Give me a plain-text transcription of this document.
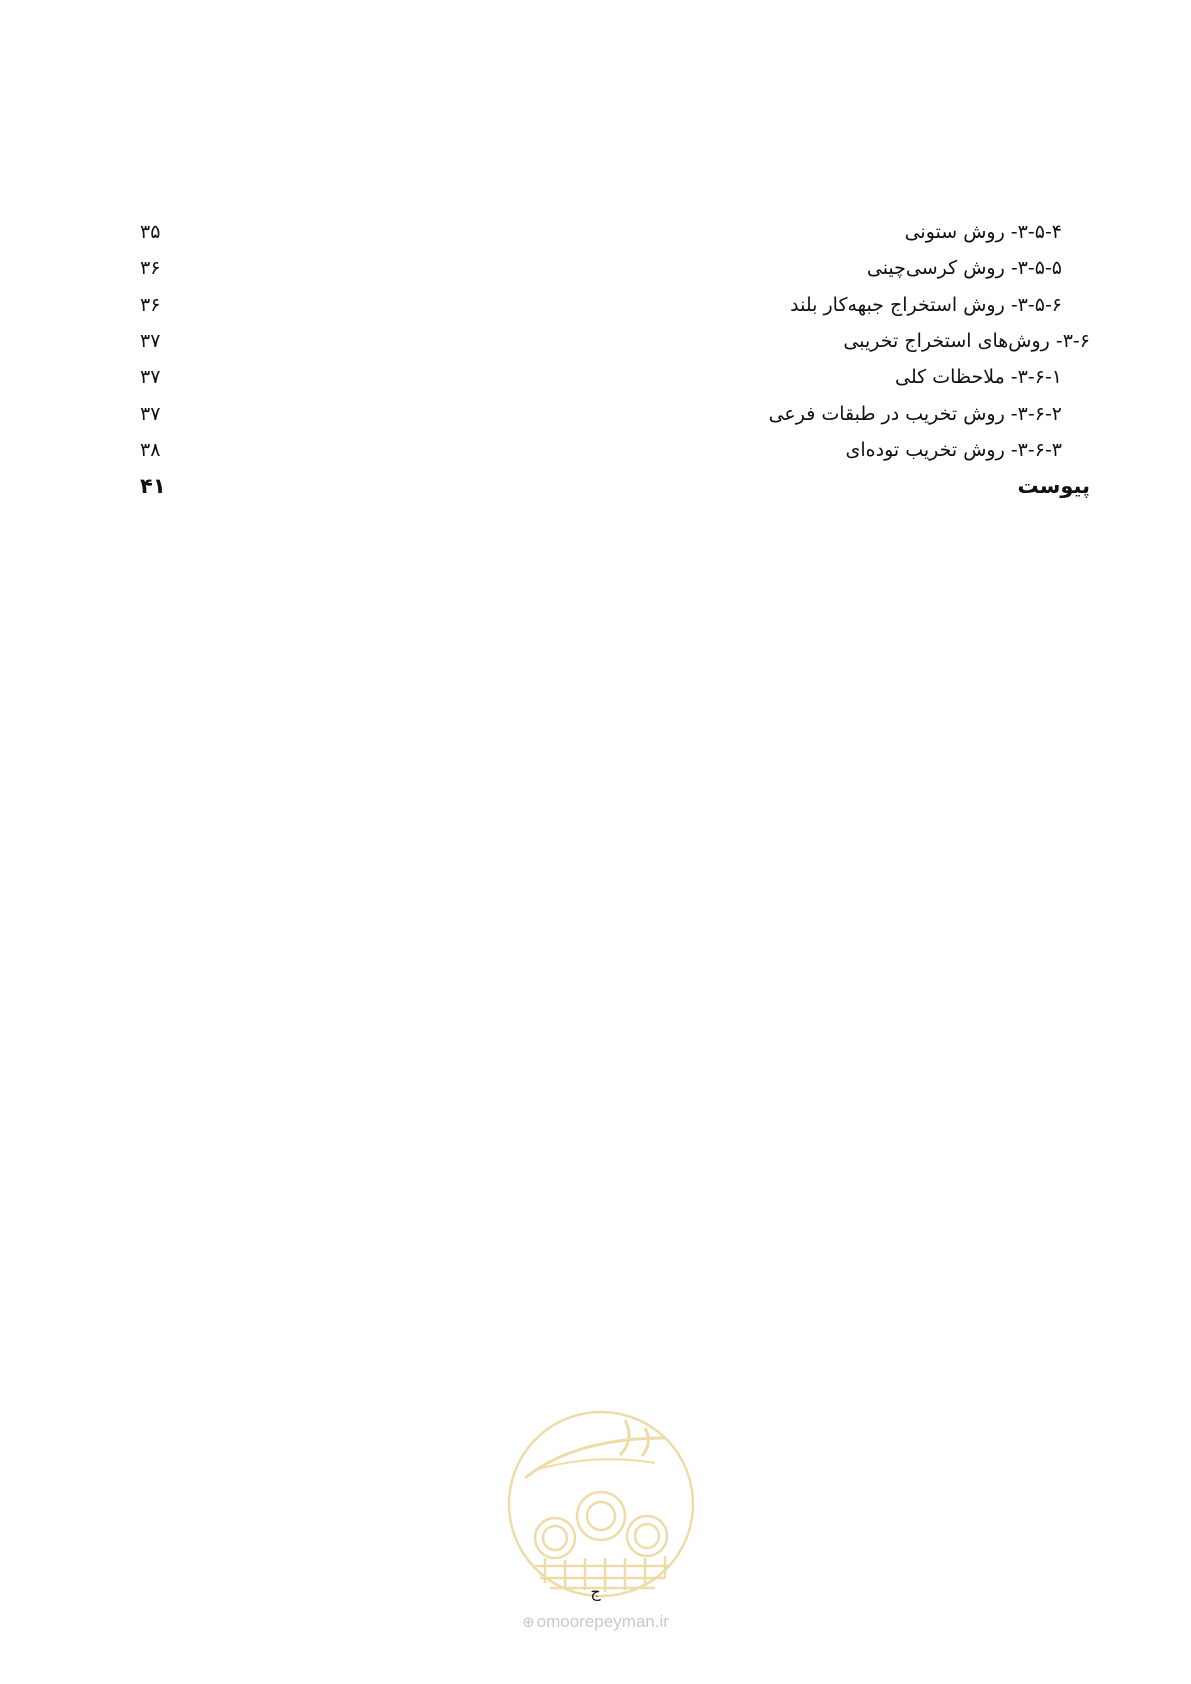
۳-۵-۴- روش ستونی
۳۵
۳-۵-۵- روش کرسی‌چینی
۳۶
۳-۵-۶- روش استخراج جبهه‌کار بلند
۳۶
۳-۶- روش‌های استخراج تخریبی
۳۷
۳-۶-۱- ملاحظات کلی
۳۷
۳-۶-۲- روش تخریب در طبقات فرعی
۳۷
۳-۶-۳- روش تخریب توده‌ای
۳۸
پیوست
۴۱
ج
⊕ omoorepeyman.ir
